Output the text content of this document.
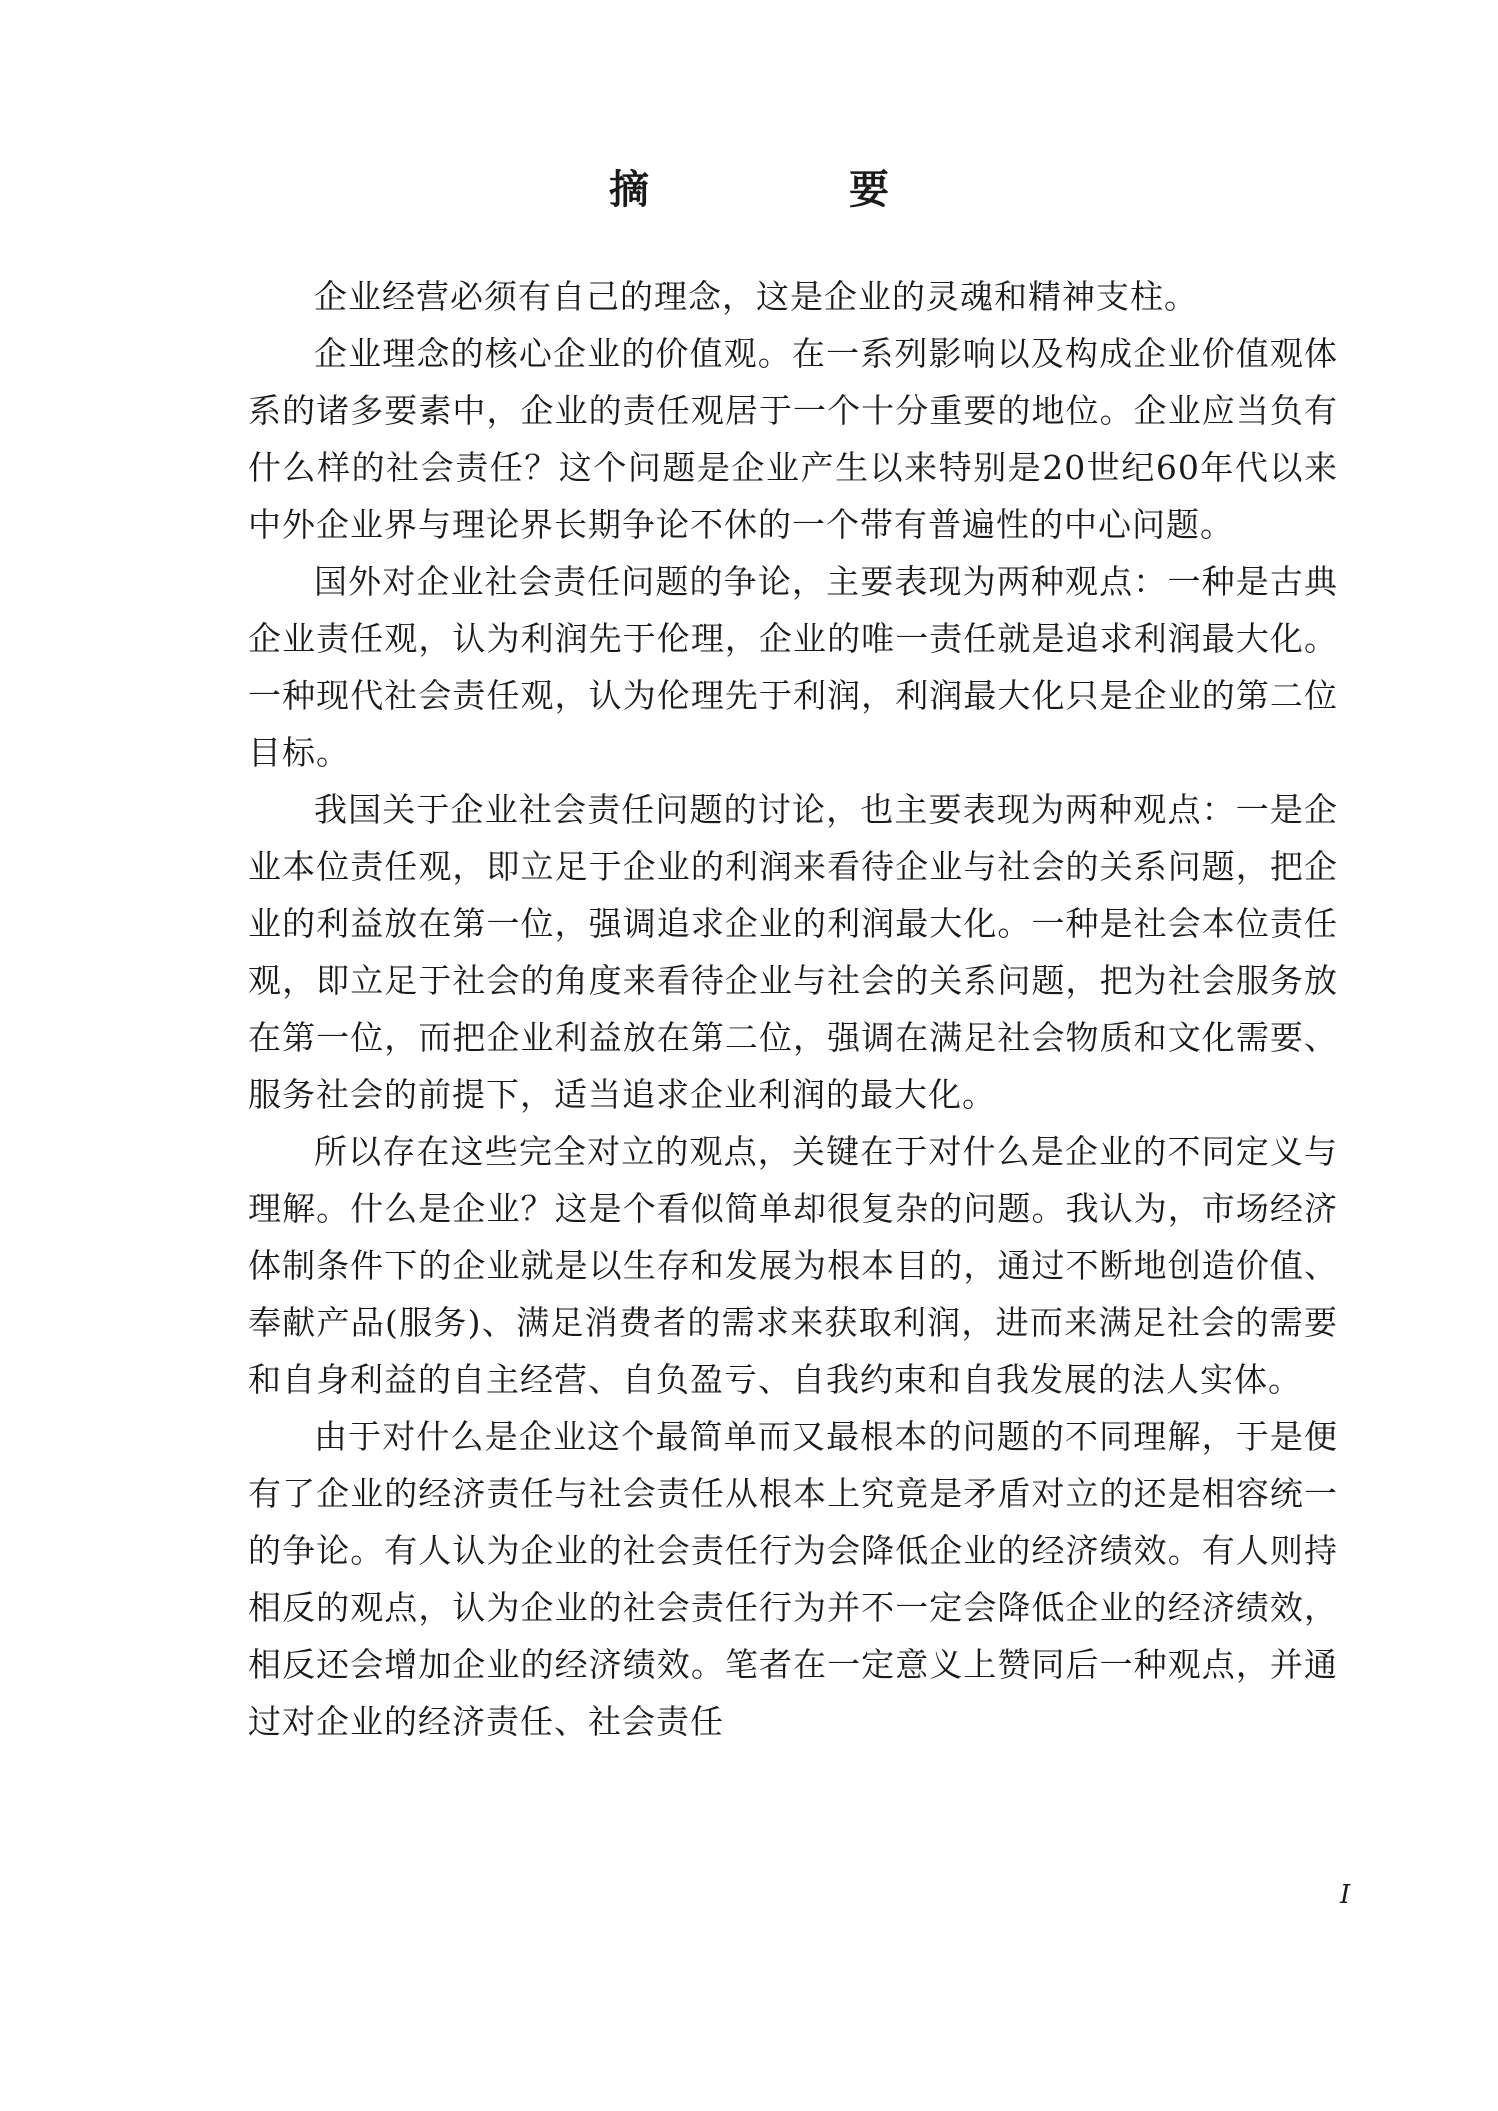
摘　要

企业经营必须有自己的理念，这是企业的灵魂和精神支柱。

企业理念的核心企业的价值观。在一系列影响以及构成企业价值观体系的诸多要素中，企业的责任观居于一个十分重要的地位。企业应当负有什么样的社会责任？这个问题是企业产生以来特别是20世纪60年代以来中外企业界与理论界长期争论不休的一个带有普遍性的中心问题。

国外对企业社会责任问题的争论，主要表现为两种观点：一种是古典企业责任观，认为利润先于伦理，企业的唯一责任就是追求利润最大化。一种现代社会责任观，认为伦理先于利润，利润最大化只是企业的第二位目标。

我国关于企业社会责任问题的讨论，也主要表现为两种观点：一是企业本位责任观，即立足于企业的利润来看待企业与社会的关系问题，把企业的利益放在第一位，强调追求企业的利润最大化。一种是社会本位责任观，即立足于社会的角度来看待企业与社会的关系问题，把为社会服务放在第一位，而把企业利益放在第二位，强调在满足社会物质和文化需要、服务社会的前提下，适当追求企业利润的最大化。

所以存在这些完全对立的观点，关键在于对什么是企业的不同定义与理解。什么是企业？这是个看似简单却很复杂的问题。我认为，市场经济体制条件下的企业就是以生存和发展为根本目的，通过不断地创造价值、奉献产品(服务)、满足消费者的需求来获取利润，进而来满足社会的需要和自身利益的自主经营、自负盈亏、自我约束和自我发展的法人实体。

由于对什么是企业这个最简单而又最根本的问题的不同理解，于是便有了企业的经济责任与社会责任从根本上究竟是矛盾对立的还是相容统一的争论。有人认为企业的社会责任行为会降低企业的经济绩效。有人则持相反的观点，认为企业的社会责任行为并不一定会降低企业的经济绩效，相反还会增加企业的经济绩效。笔者在一定意义上赞同后一种观点，并通过对企业的经济责任、社会责任

I
